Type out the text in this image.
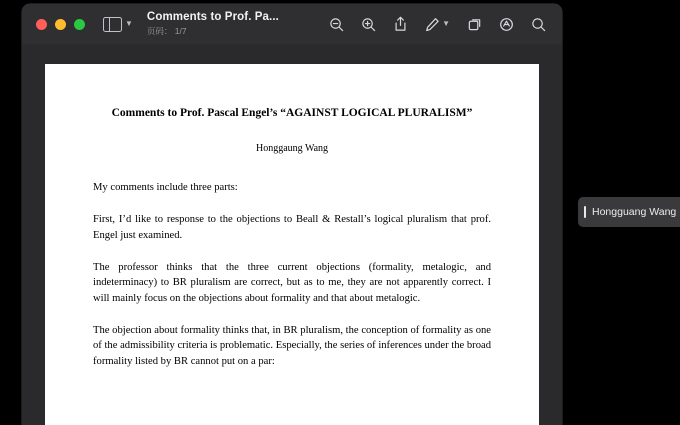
▼
Comments to Prof. Pa...
页码： 1/7
▼
Comments to Prof. Pascal Engel’s “AGAINST LOGICAL PLURALISM”
Honggaung Wang

My comments include three parts:

First, I’d like to response to the objections to Beall & Restall’s logical pluralism that prof. Engel just examined.

The professor thinks that the three current objections (formality, metalogic, and indeterminacy) to BR pluralism are correct, but as to me, they are not apparently correct. I will mainly focus on the objections about formality and that about metalogic.

The objection about formality thinks that, in BR pluralism, the conception of formality as one of the admissibility criteria is problematic. Especially, the series of inferences under the broad formality listed by BR cannot put on a par:

Hongguang Wang
